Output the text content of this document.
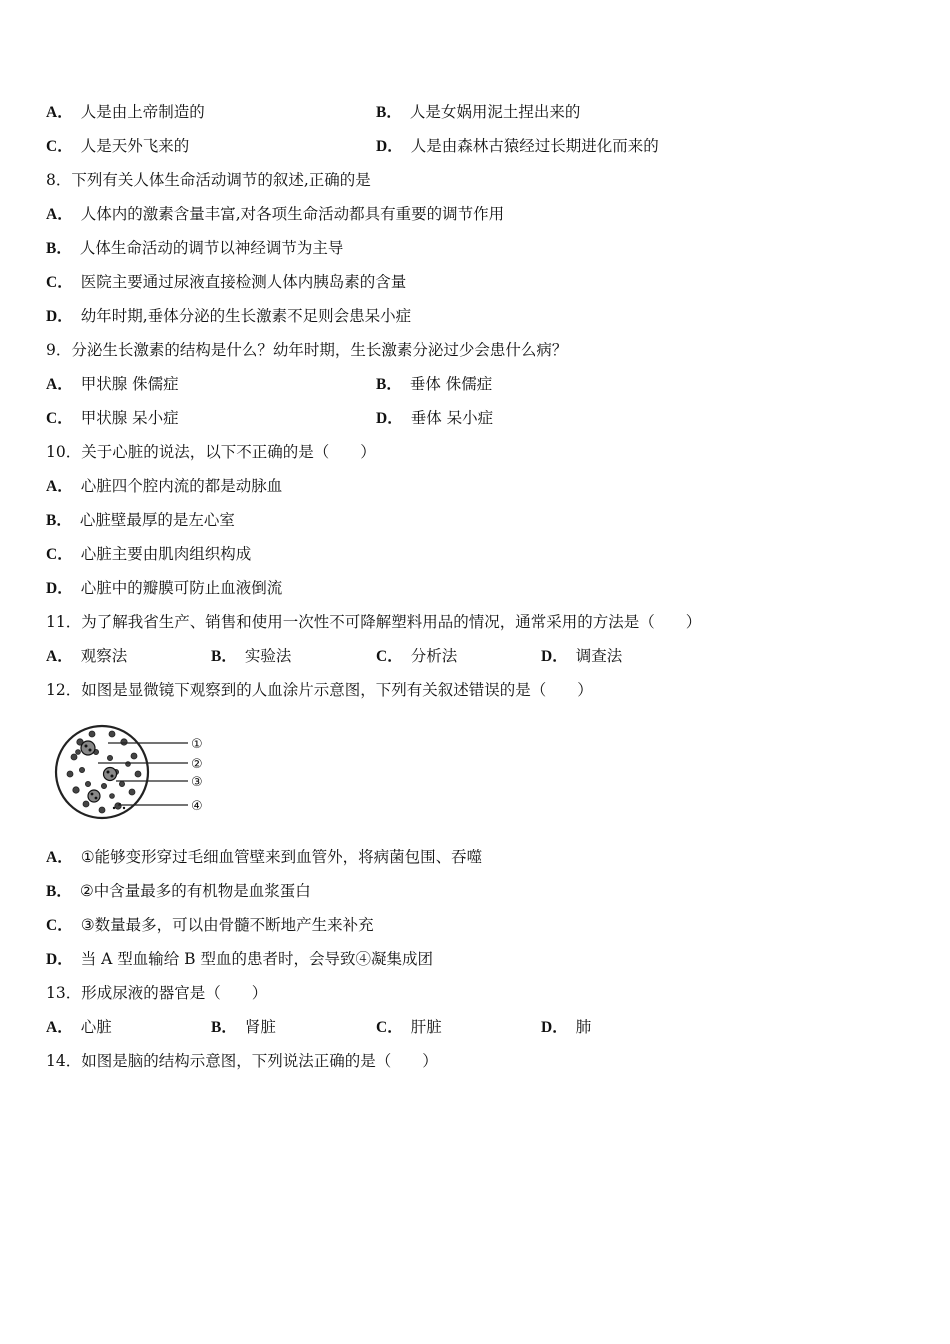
A． 人是由上帝制造的	B． 人是女娲用泥土捏出来的
C． 人是天外飞来的	D． 人是由森林古猿经过长期进化而来的
8．下列有关人体生命活动调节的叙述,正确的是
A． 人体内的激素含量丰富,对各项生命活动都具有重要的调节作用
B． 人体生命活动的调节以神经调节为主导
C． 医院主要通过尿液直接检测人体内胰岛素的含量
D． 幼年时期,垂体分泌的生长激素不足则会患呆小症
9．分泌生长激素的结构是什么？幼年时期，生长激素分泌过少会患什么病？
A． 甲状腺 侏儒症	B． 垂体 侏儒症
C． 甲状腺 呆小症	D． 垂体 呆小症
10．关于心脏的说法，以下不正确的是（　　）
A． 心脏四个腔内流的都是动脉血
B． 心脏壁最厚的是左心室
C． 心脏主要由肌肉组织构成
D． 心脏中的瓣膜可防止血液倒流
11．为了解我省生产、销售和使用一次性不可降解塑料用品的情况，通常采用的方法是（　　）
A． 观察法	B． 实验法	C． 分析法	D． 调查法
12．如图是显微镜下观察到的人血涂片示意图，下列有关叙述错误的是（　　）
①
②
③
④
A． ①能够变形穿过毛细血管壁来到血管外，将病菌包围、吞噬
B． ②中含量最多的有机物是血浆蛋白
C． ③数量最多，可以由骨髓不断地产生来补充
D． 当 A 型血输给 B 型血的患者时，会导致④凝集成团
13．形成尿液的器官是（　　）
A． 心脏	B． 肾脏	C． 肝脏	D． 肺
14．如图是脑的结构示意图，下列说法正确的是（　　）
